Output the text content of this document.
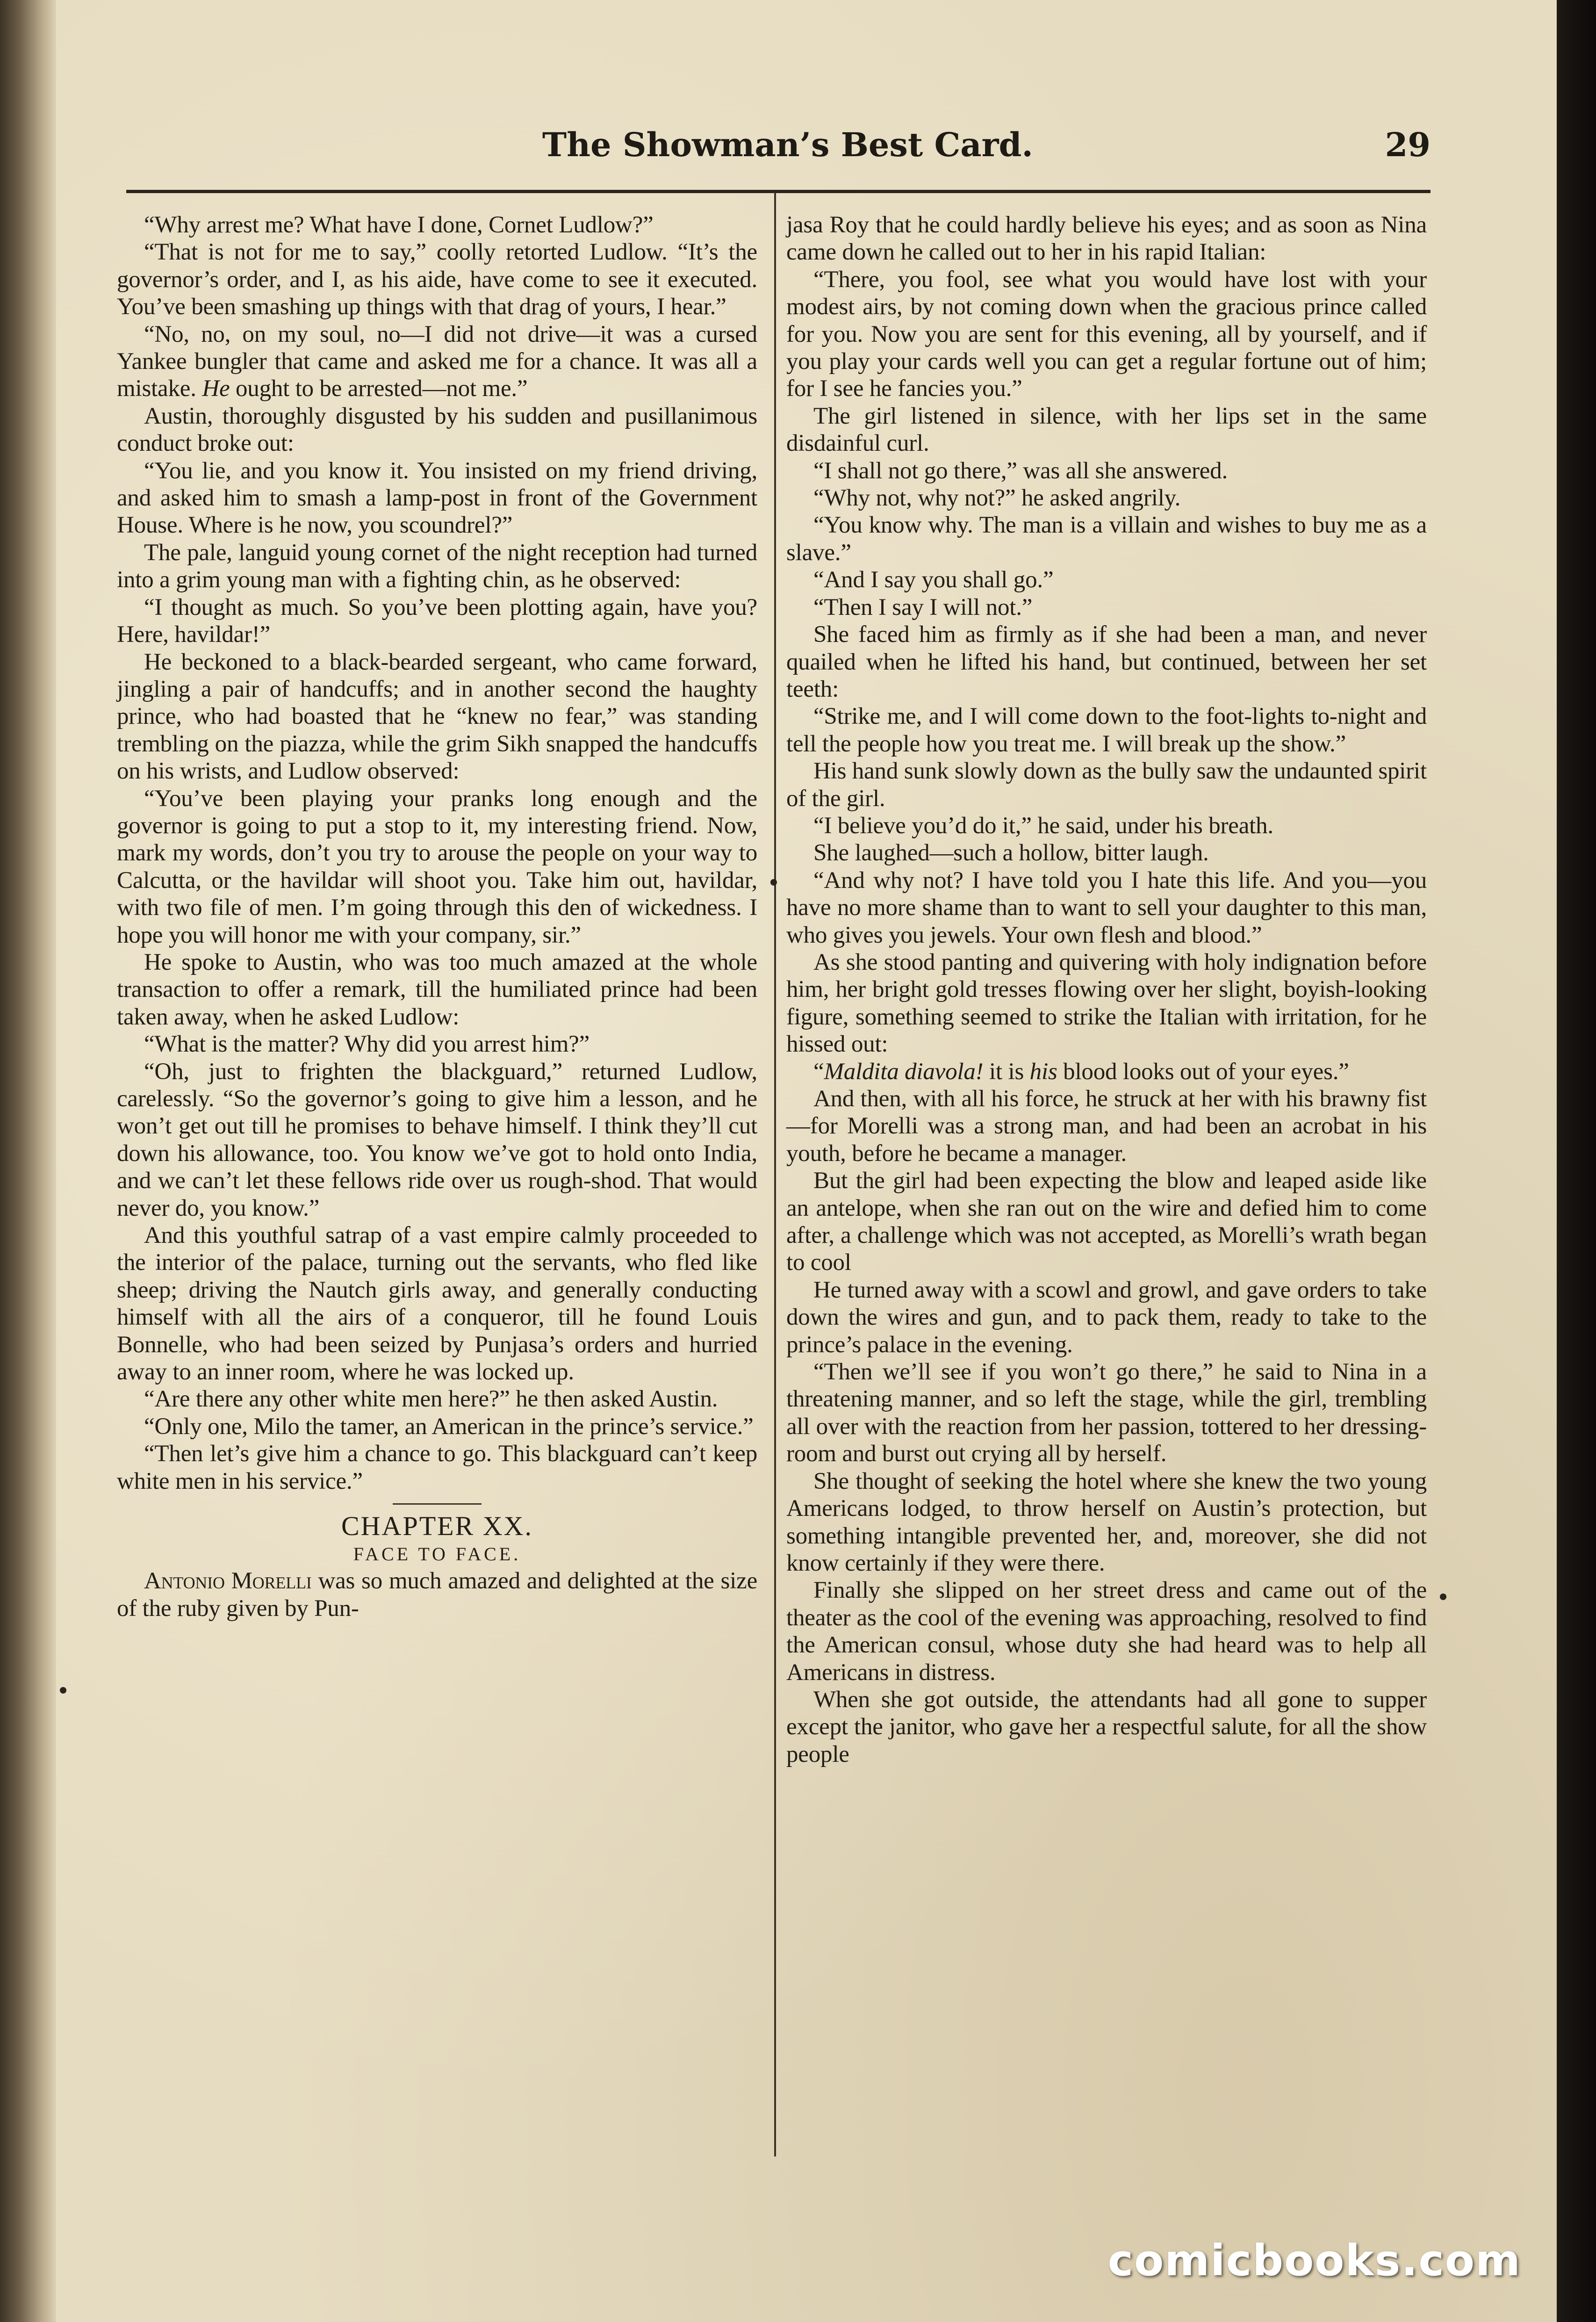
The Showman’s Best Card.	29

“Why arrest me? What have I done, Cornet Ludlow?”

“That is not for me to say,” coolly retorted Ludlow. “It’s the governor’s order, and I, as his aide, have come to see it executed. You’ve been smashing up things with that drag of yours, I hear.”

“No, no, on my soul, no—I did not drive—it was a cursed Yankee bungler that came and asked me for a chance. It was all a mistake. He ought to be arrested—not me.”

Austin, thoroughly disgusted by his sudden and pusillanimous conduct broke out:

“You lie, and you know it. You insisted on my friend driving, and asked him to smash a lamp-post in front of the Government House. Where is he now, you scoundrel?”

The pale, languid young cornet of the night reception had turned into a grim young man with a fighting chin, as he observed:

“I thought as much. So you’ve been plotting again, have you? Here, havildar!”

He beckoned to a black-bearded sergeant, who came forward, jingling a pair of handcuffs; and in another second the haughty prince, who had boasted that he “knew no fear,” was standing trembling on the piazza, while the grim Sikh snapped the handcuffs on his wrists, and Ludlow observed:

“You’ve been playing your pranks long enough and the governor is going to put a stop to it, my interesting friend. Now, mark my words, don’t you try to arouse the people on your way to Calcutta, or the havildar will shoot you. Take him out, havildar, with two file of men. I’m going through this den of wickedness. I hope you will honor me with your company, sir.”

He spoke to Austin, who was too much amazed at the whole transaction to offer a remark, till the humiliated prince had been taken away, when he asked Ludlow:

“What is the matter? Why did you arrest him?”

“Oh, just to frighten the blackguard,” returned Ludlow, carelessly. “So the governor’s going to give him a lesson, and he won’t get out till he promises to behave himself. I think they’ll cut down his allowance, too. You know we’ve got to hold onto India, and we can’t let these fellows ride over us rough-shod. That would never do, you know.”

And this youthful satrap of a vast empire calmly proceeded to the interior of the palace, turning out the servants, who fled like sheep; driving the Nautch girls away, and generally conducting himself with all the airs of a conqueror, till he found Louis Bonnelle, who had been seized by Punjasa’s orders and hurried away to an inner room, where he was locked up.

“Are there any other white men here?” he then asked Austin.

“Only one, Milo the tamer, an American in the prince’s service.”

“Then let’s give him a chance to go. This blackguard can’t keep white men in his service.”

CHAPTER XX.
FACE TO FACE.

Antonio Morelli was so much amazed and delighted at the size of the ruby given by Pun-

jasa Roy that he could hardly believe his eyes; and as soon as Nina came down he called out to her in his rapid Italian:

“There, you fool, see what you would have lost with your modest airs, by not coming down when the gracious prince called for you. Now you are sent for this evening, all by yourself, and if you play your cards well you can get a regular fortune out of him; for I see he fancies you.”

The girl listened in silence, with her lips set in the same disdainful curl.

“I shall not go there,” was all she answered.

“Why not, why not?” he asked angrily.

“You know why. The man is a villain and wishes to buy me as a slave.”

“And I say you shall go.”

“Then I say I will not.”

She faced him as firmly as if she had been a man, and never quailed when he lifted his hand, but continued, between her set teeth:

“Strike me, and I will come down to the foot-lights to-night and tell the people how you treat me. I will break up the show.”

His hand sunk slowly down as the bully saw the undaunted spirit of the girl.

“I believe you’d do it,” he said, under his breath.

She laughed—such a hollow, bitter laugh.

“And why not? I have told you I hate this life. And you—you have no more shame than to want to sell your daughter to this man, who gives you jewels. Your own flesh and blood.”

As she stood panting and quivering with holy indignation before him, her bright gold tresses flowing over her slight, boyish-looking figure, something seemed to strike the Italian with irritation, for he hissed out:

“Maldita diavola! it is his blood looks out of your eyes.”

And then, with all his force, he struck at her with his brawny fist—for Morelli was a strong man, and had been an acrobat in his youth, before he became a manager.

But the girl had been expecting the blow and leaped aside like an antelope, when she ran out on the wire and defied him to come after, a challenge which was not accepted, as Morelli’s wrath began to cool

He turned away with a scowl and growl, and gave orders to take down the wires and gun, and to pack them, ready to take to the prince’s palace in the evening.

“Then we’ll see if you won’t go there,” he said to Nina in a threatening manner, and so left the stage, while the girl, trembling all over with the reaction from her passion, tottered to her dressing-room and burst out crying all by herself.

She thought of seeking the hotel where she knew the two young Americans lodged, to throw herself on Austin’s protection, but something intangible prevented her, and, moreover, she did not know certainly if they were there.

Finally she slipped on her street dress and came out of the theater as the cool of the evening was approaching, resolved to find the American consul, whose duty she had heard was to help all Americans in distress.

When she got outside, the attendants had all gone to supper except the janitor, who gave her a respectful salute, for all the show people

comicbooks.com
